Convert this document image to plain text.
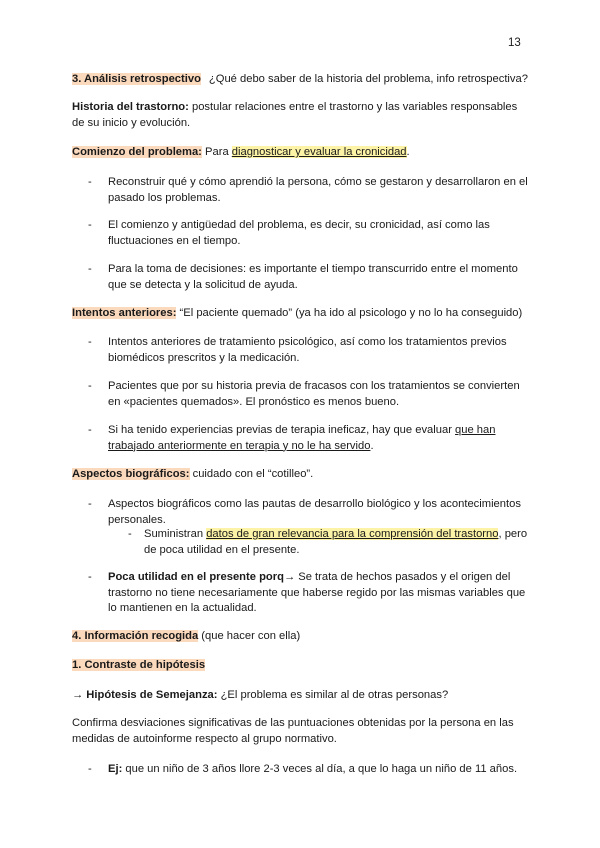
13
3. Análisis retrospectivo ¿Qué debo saber de la historia del problema, info retrospectiva?
Historia del trastorno: postular relaciones entre el trastorno y las variables responsables de su inicio y evolución.
Comienzo del problema: Para diagnosticar y evaluar la cronicidad.
- Reconstruir qué y cómo aprendió la persona, cómo se gestaron y desarrollaron en el pasado los problemas.
- El comienzo y antigüedad del problema, es decir, su cronicidad, así como las fluctuaciones en el tiempo.
- Para la toma de decisiones: es importante el tiempo transcurrido entre el momento que se detecta y la solicitud de ayuda.
Intentos anteriores: “El paciente quemado” (ya ha ido al psicologo y no lo ha conseguido)
- Intentos anteriores de tratamiento psicológico, así como los tratamientos previos biomédicos prescritos y la medicación.
- Pacientes que por su historia previa de fracasos con los tratamientos se convierten en «pacientes quemados». El pronóstico es menos bueno.
- Si ha tenido experiencias previas de terapia ineficaz, hay que evaluar que han trabajado anteriormente en terapia y no le ha servido.
Aspectos biográficos: cuidado con el “cotilleo”.
- Aspectos biográficos como las pautas de desarrollo biológico y los acontecimientos personales.
- Suministran datos de gran relevancia para la comprensión del trastorno, pero de poca utilidad en el presente.
- Poca utilidad en el presente porq→ Se trata de hechos pasados y el origen del trastorno no tiene necesariamente que haberse regido por las mismas variables que lo mantienen en la actualidad.
4. Información recogida (que hacer con ella)
1. Contraste de hipótesis
→ Hipótesis de Semejanza: ¿El problema es similar al de otras personas?
Confirma desviaciones significativas de las puntuaciones obtenidas por la persona en las medidas de autoinforme respecto al grupo normativo.
- Ej: que un niño de 3 años llore 2-3 veces al día, a que lo haga un niño de 11 años.
